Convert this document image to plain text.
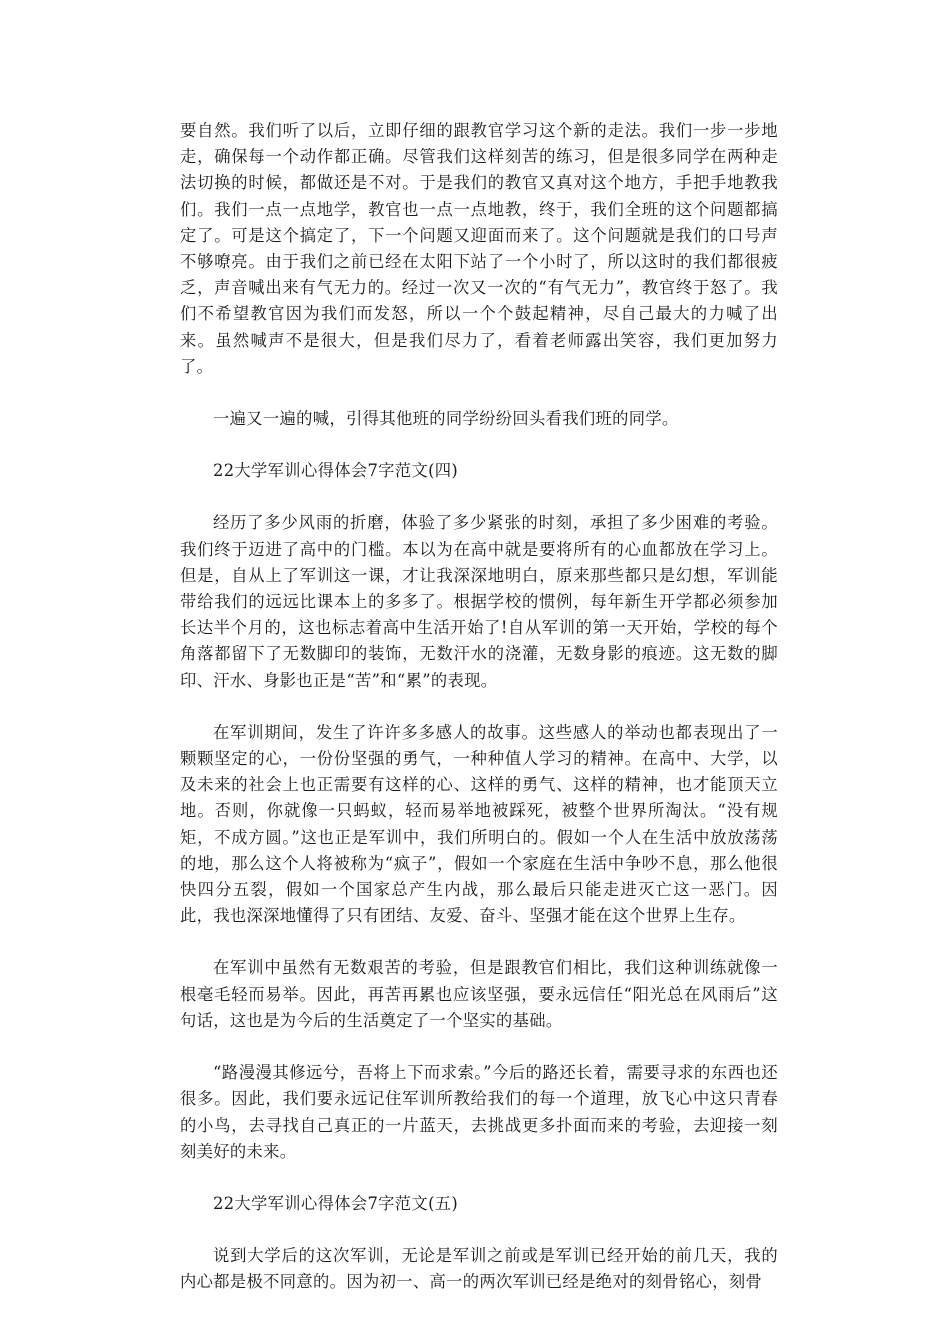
要自然。我们听了以后，立即仔细的跟教官学习这个新的走法。我们一步一步地走，确保每一个动作都正确。尽管我们这样刻苦的练习，但是很多同学在两种走法切换的时候，都做还是不对。于是我们的教官又真对这个地方，手把手地教我们。我们一点一点地学，教官也一点一点地教，终于，我们全班的这个问题都搞定了。可是这个搞定了，下一个问题又迎面而来了。这个问题就是我们的口号声不够嘹亮。由于我们之前已经在太阳下站了一个小时了，所以这时的我们都很疲乏，声音喊出来有气无力的。经过一次又一次的“有气无力”，教官终于怒了。我们不希望教官因为我们而发怒，所以一个个鼓起精神，尽自己最大的力喊了出来。虽然喊声不是很大，但是我们尽力了，看着老师露出笑容，我们更加努力了。

一遍又一遍的喊，引得其他班的同学纷纷回头看我们班的同学。

22大学军训心得体会7字范文(四)

经历了多少风雨的折磨，体验了多少紧张的时刻，承担了多少困难的考验。我们终于迈进了高中的门槛。本以为在高中就是要将所有的心血都放在学习上。但是，自从上了军训这一课，才让我深深地明白，原来那些都只是幻想，军训能带给我们的远远比课本上的多多了。根据学校的惯例，每年新生开学都必须参加长达半个月的，这也标志着高中生活开始了!自从军训的第一天开始，学校的每个角落都留下了无数脚印的装饰，无数汗水的浇灌，无数身影的痕迹。这无数的脚印、汗水、身影也正是“苦”和“累”的表现。

在军训期间，发生了许许多多感人的故事。这些感人的举动也都表现出了一颗颗坚定的心，一份份坚强的勇气，一种种值人学习的精神。在高中、大学，以及未来的社会上也正需要有这样的心、这样的勇气、这样的精神，也才能顶天立地。否则，你就像一只蚂蚁，轻而易举地被踩死，被整个世界所淘汰。“没有规矩，不成方圆。”这也正是军训中，我们所明白的。假如一个人在生活中放放荡荡的地，那么这个人将被称为“疯子”，假如一个家庭在生活中争吵不息，那么他很快四分五裂，假如一个国家总产生内战，那么最后只能走进灭亡这一恶门。因此，我也深深地懂得了只有团结、友爱、奋斗、坚强才能在这个世界上生存。

在军训中虽然有无数艰苦的考验，但是跟教官们相比，我们这种训练就像一根毫毛轻而易举。因此，再苦再累也应该坚强，要永远信任“阳光总在风雨后”这句话，这也是为今后的生活奠定了一个坚实的基础。

“路漫漫其修远兮，吾将上下而求索。”今后的路还长着，需要寻求的东西也还很多。因此，我们要永远记住军训所教给我们的每一个道理，放飞心中这只青春的小鸟，去寻找自己真正的一片蓝天，去挑战更多扑面而来的考验，去迎接一刻刻美好的未来。

22大学军训心得体会7字范文(五)

说到大学后的这次军训，无论是军训之前或是军训已经开始的前几天，我的内心都是极不同意的。因为初一、高一的两次军训已经是绝对的刻骨铭心，刻骨
